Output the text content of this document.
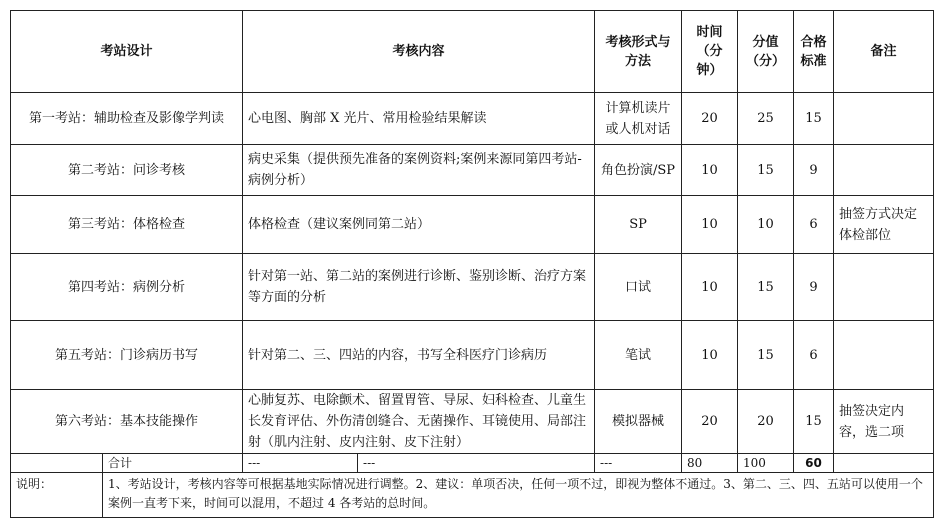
考站设计		考核内容		考核形式与方法	时间（分钟）	分值（分）	合格标准	备注
第一考站：辅助检查及影像学判读		心电图、胸部 X 光片、常用检验结果解读		计算机读片或人机对话	20	25	15	
第二考站：问诊考核		病史采集（提供预先准备的案例资料;案例来源同第四考站-病例分析）		角色扮演/SP	10	15	9	
第三考站：体格检查		体格检查（建议案例同第二站）		SP	10	10	6	抽签方式决定体检部位
第四考站：病例分析		针对第一站、第二站的案例进行诊断、鉴别诊断、治疗方案等方面的分析		口试	10	15	9	
第五考站：门诊病历书写		针对第二、三、四站的内容，书写全科医疗门诊病历		笔试	10	15	6	
第六考站：基本技能操作		心肺复苏、电除颤术、留置胃管、导尿、妇科检查、儿童生长发育评估、外伤清创缝合、无菌操作、耳镜使用、局部注射（肌内注射、皮内注射、皮下注射）		模拟器械	20	20	15	抽签决定内容，选二项
	合计	---	---	---	80	100	60	
说明：	1、考站设计，考核内容等可根据基地实际情况进行调整。2、建议：单项否决，任何一项不过，即视为整体不通过。3、第二、三、四、五站可以使用一个案例一直考下来，时间可以混用，不超过 4 各考站的总时间。							
